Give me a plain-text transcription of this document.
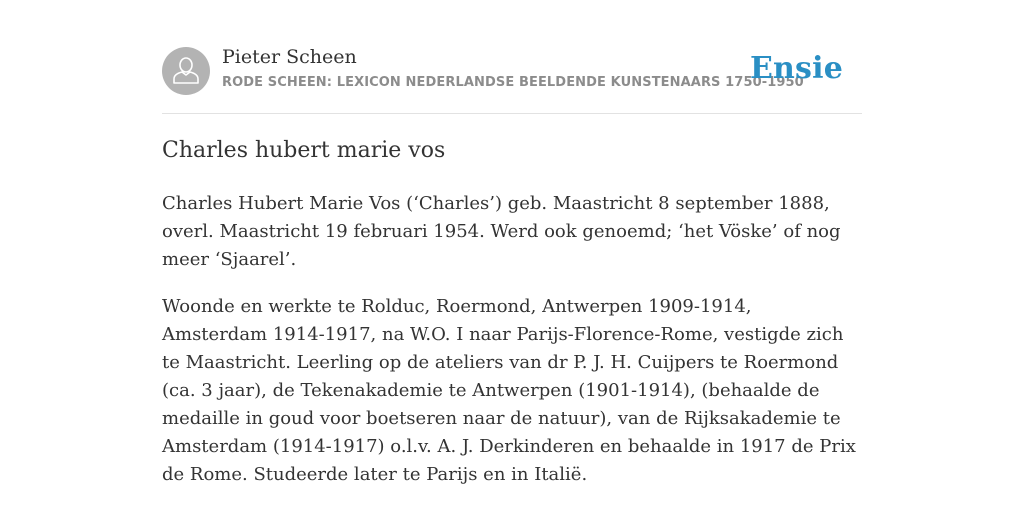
Pieter Scheen
RODE SCHEEN: LEXICON NEDERLANDSE BEELDENDE KUNSTENAARS 1750-1950
Ensie
Charles hubert marie vos

Charles Hubert Marie Vos (‘Charles’) geb. Maastricht 8 september 1888, overl. Maastricht 19 februari 1954. Werd ook genoemd; ‘het Vöske’ of nog meer ‘Sjaarel’.

Woonde en werkte te Rolduc, Roermond, Antwerpen 1909-1914, Amsterdam 1914-1917, na W.O. I naar Parijs-Florence-Rome, vestigde zich te Maastricht. Leerling op de ateliers van dr P. J. H. Cuijpers te Roermond (ca. 3 jaar), de Tekenakademie te Antwerpen (1901-1914), (behaalde de medaille in goud voor boetseren naar de natuur), van de Rijksakademie te Amsterdam (1914-1917) o.l.v. A. J. Derkinderen en behaalde in 1917 de Prix de Rome. Studeerde later te Parijs en in Italië.
